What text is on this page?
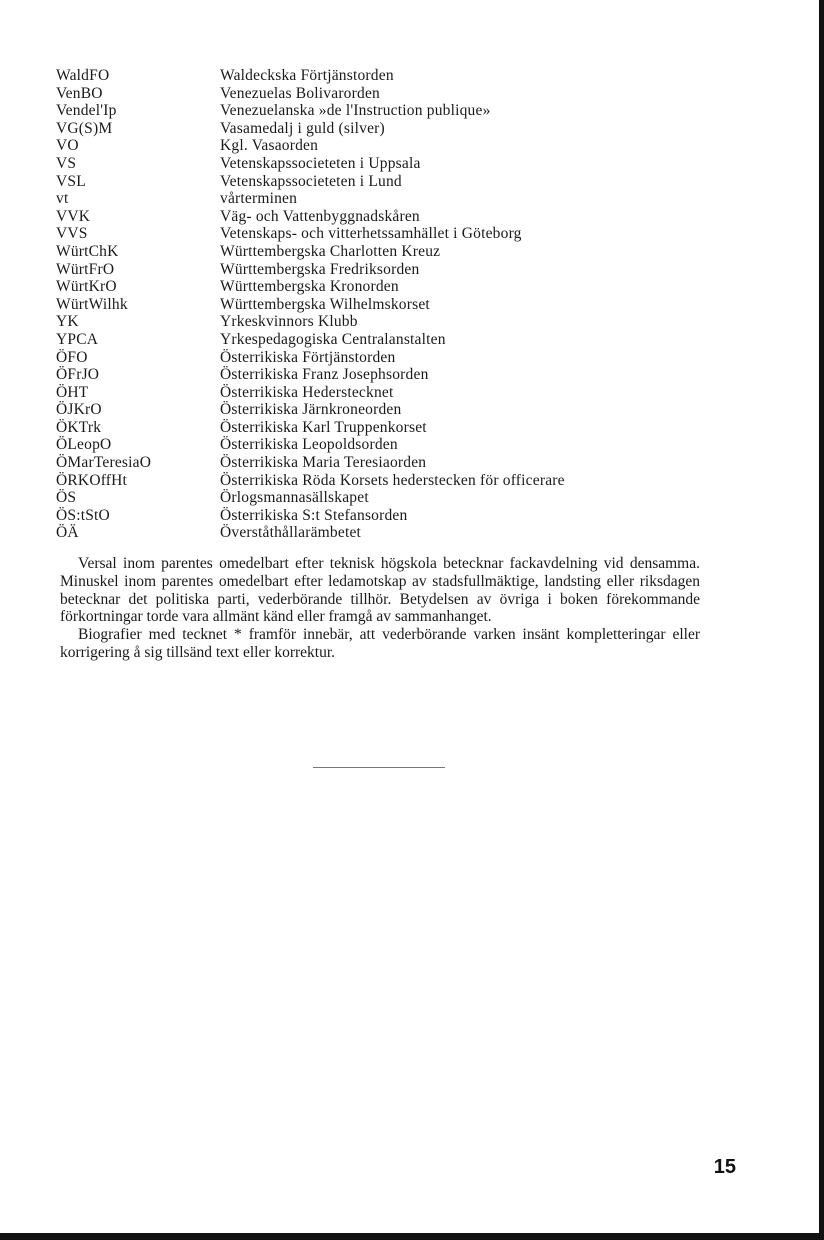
WaldFO	Waldeckska Förtjänstorden
VenBO	Venezuelas Bolivarorden
Vendel'Ip	Venezuelanska »de l'Instruction publique»
VG(S)M	Vasamedalj i guld (silver)
VO	Kgl. Vasaorden
VS	Vetenskapssocieteten i Uppsala
VSL	Vetenskapssocieteten i Lund
vt	vårterminen
VVK	Väg- och Vattenbyggnadskåren
VVS	Vetenskaps- och vitterhetssamhället i Göteborg
WürtChK	Württembergska Charlotten Kreuz
WürtFrO	Württembergska Fredriksorden
WürtKrO	Württembergska Kronorden
WürtWilhk	Württembergska Wilhelmskorset
YK	Yrkeskvinnors Klubb
YPCA	Yrkespedagogiska Centralanstalten
ÖFO	Österrikiska Förtjänstorden
ÖFrJO	Österrikiska Franz Josephsorden
ÖHT	Österrikiska Hederstecknet
ÖJKrO	Österrikiska Järnkroneorden
ÖKTrk	Österrikiska Karl Truppenkorset
ÖLeopO	Österrikiska Leopoldsorden
ÖMarTeresiaO	Österrikiska Maria Teresiaorden
ÖRKOffHt	Österrikiska Röda Korsets hederstecken för officerare
ÖS	Örlogsmannasällskapet
ÖS:tStO	Österrikiska S:t Stefansorden
ÖÄ	Överståthållarämbetet

Versal inom parentes omedelbart efter teknisk högskola betecknar fackavdelning vid densamma. Minuskel inom parentes omedelbart efter ledamotskap av stadsfullmäktige, landsting eller riksdagen betecknar det politiska parti, vederbörande tillhör. Betydelsen av övriga i boken förekommande förkortningar torde vara allmänt känd eller framgå av sammanhanget.

Biografier med tecknet * framför innebär, att vederbörande varken insänt kompletteringar eller korrigering å sig tillsänd text eller korrektur.

15
